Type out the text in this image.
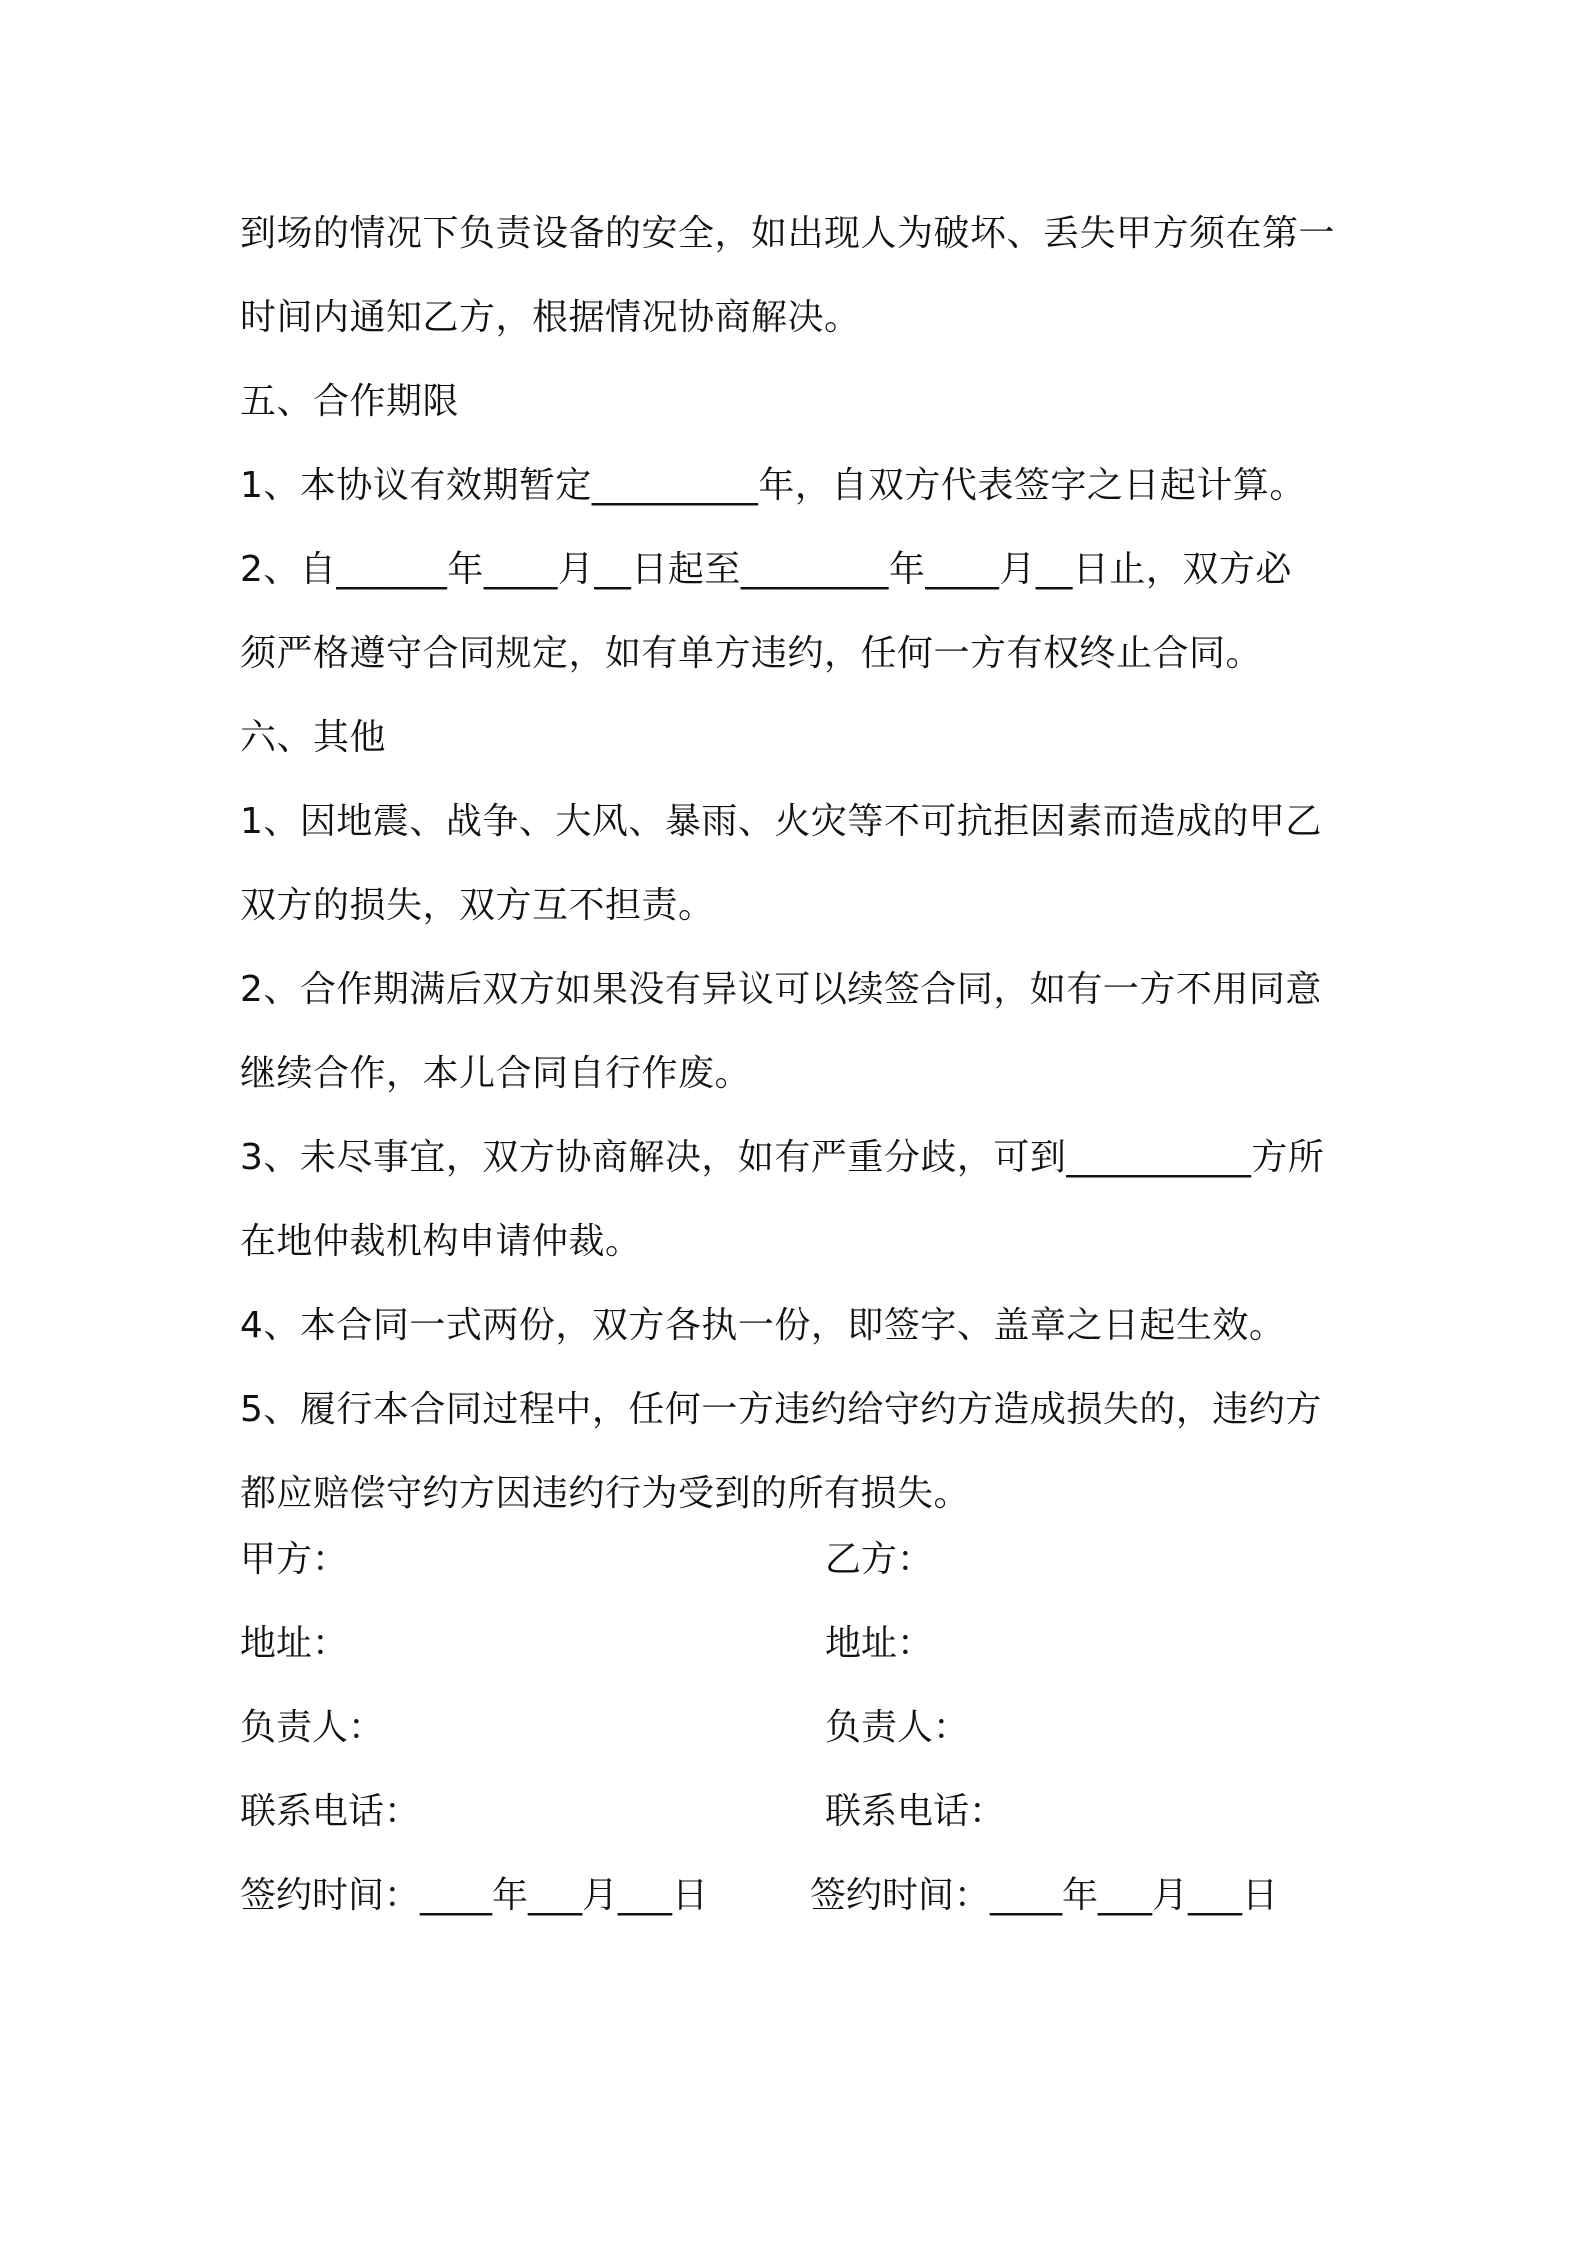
到场的情况下负责设备的安全，如出现人为破坏、丢失甲方须在第一
时间内通知乙方，根据情况协商解决。
五、合作期限
1、本协议有效期暂定_________年，自双方代表签字之日起计算。
2、自______年____月__日起至________年____月__日止，双方必
须严格遵守合同规定，如有单方违约，任何一方有权终止合同。
六、其他
1、因地震、战争、大风、暴雨、火灾等不可抗拒因素而造成的甲乙
双方的损失，双方互不担责。
2、合作期满后双方如果没有异议可以续签合同，如有一方不用同意
继续合作，本儿合同自行作废。
3、未尽事宜，双方协商解决，如有严重分歧，可到__________方所
在地仲裁机构申请仲裁。
4、本合同一式两份，双方各执一份，即签字、盖章之日起生效。
5、履行本合同过程中，任何一方违约给守约方造成损失的，违约方
都应赔偿守约方因违约行为受到的所有损失。
甲方：	乙方：
地址：	地址：
负责人：	负责人：
联系电话：	联系电话：
签约时间：____年___月___日	签约时间：____年___月___日
